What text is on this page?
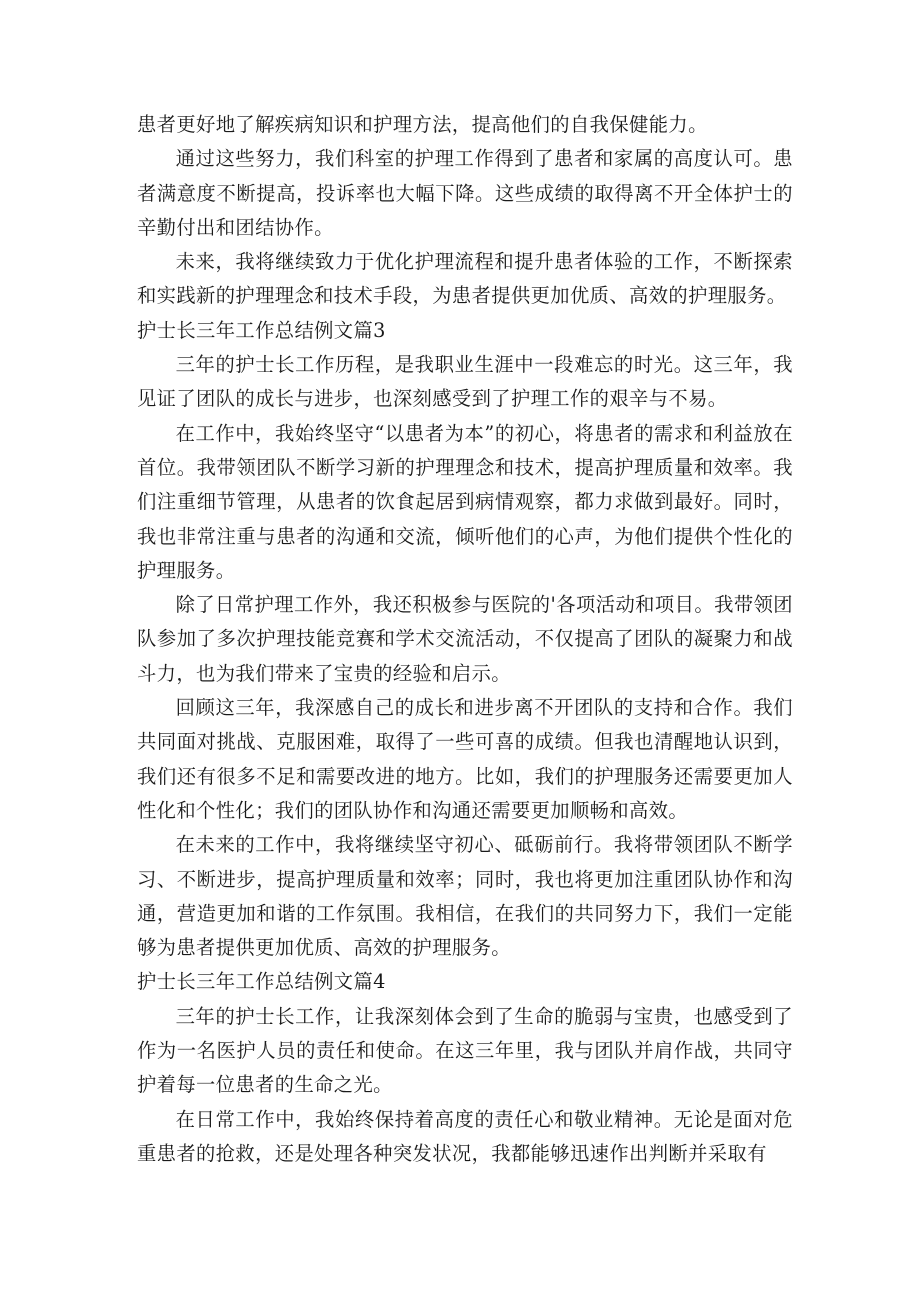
患者更好地了解疾病知识和护理方法，提高他们的自我保健能力。

通过这些努力，我们科室的护理工作得到了患者和家属的高度认可。患者满意度不断提高，投诉率也大幅下降。这些成绩的取得离不开全体护士的辛勤付出和团结协作。

未来，我将继续致力于优化护理流程和提升患者体验的工作，不断探索和实践新的护理理念和技术手段，为患者提供更加优质、高效的护理服务。

护士长三年工作总结例文篇3

三年的护士长工作历程，是我职业生涯中一段难忘的时光。这三年，我见证了团队的成长与进步，也深刻感受到了护理工作的艰辛与不易。

在工作中，我始终坚守“以患者为本”的初心，将患者的需求和利益放在首位。我带领团队不断学习新的护理理念和技术，提高护理质量和效率。我们注重细节管理，从患者的饮食起居到病情观察，都力求做到最好。同时，我也非常注重与患者的沟通和交流，倾听他们的心声，为他们提供个性化的护理服务。

除了日常护理工作外，我还积极参与医院的'各项活动和项目。我带领团队参加了多次护理技能竞赛和学术交流活动，不仅提高了团队的凝聚力和战斗力，也为我们带来了宝贵的经验和启示。

回顾这三年，我深感自己的成长和进步离不开团队的支持和合作。我们共同面对挑战、克服困难，取得了一些可喜的成绩。但我也清醒地认识到，我们还有很多不足和需要改进的地方。比如，我们的护理服务还需要更加人性化和个性化；我们的团队协作和沟通还需要更加顺畅和高效。

在未来的工作中，我将继续坚守初心、砥砺前行。我将带领团队不断学习、不断进步，提高护理质量和效率；同时，我也将更加注重团队协作和沟通，营造更加和谐的工作氛围。我相信，在我们的共同努力下，我们一定能够为患者提供更加优质、高效的护理服务。

护士长三年工作总结例文篇4

三年的护士长工作，让我深刻体会到了生命的脆弱与宝贵，也感受到了作为一名医护人员的责任和使命。在这三年里，我与团队并肩作战，共同守护着每一位患者的生命之光。

在日常工作中，我始终保持着高度的责任心和敬业精神。无论是面对危重患者的抢救，还是处理各种突发状况，我都能够迅速作出判断并采取有
